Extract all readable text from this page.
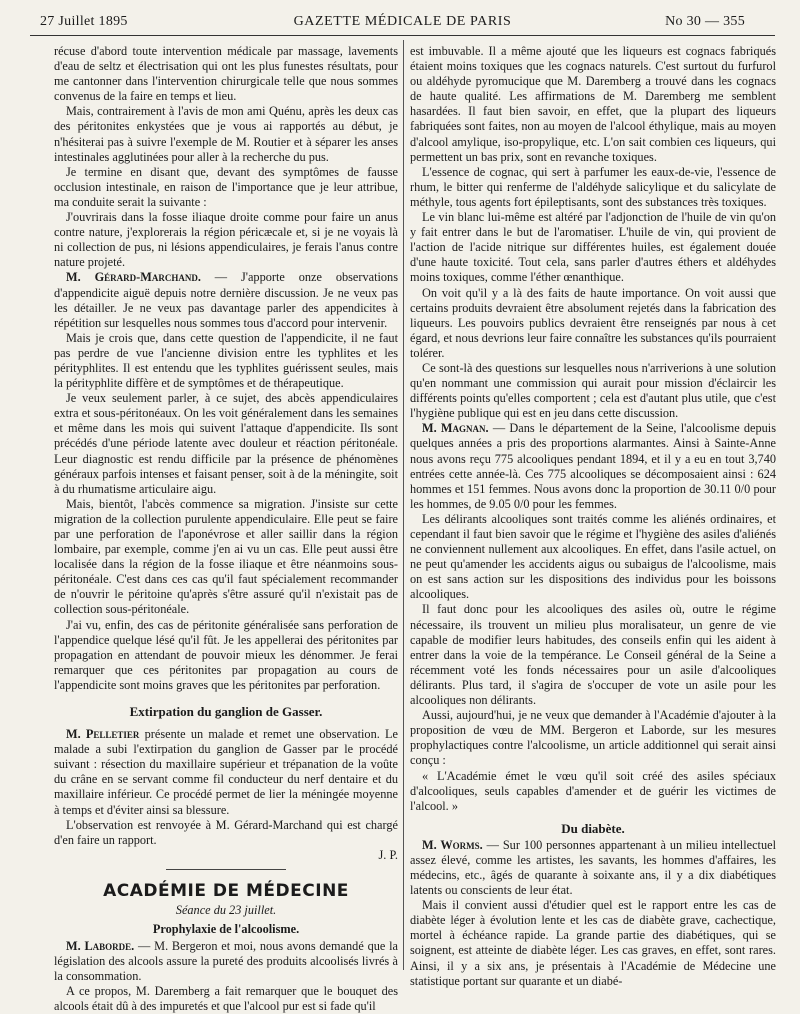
27 Juillet 1895	GAZETTE MÉDICALE DE PARIS	No 30 — 355

récuse d'abord toute intervention médicale par massage, lavements d'eau de seltz et électrisation qui ont les plus funestes résultats, pour me cantonner dans l'intervention chirurgicale telle que nous sommes convenus de la faire en temps et lieu.

Mais, contrairement à l'avis de mon ami Quénu, après les deux cas des péritonites enkystées que je vous ai rapportés au début, je n'hésiterai pas à suivre l'exemple de M. Routier et à séparer les anses intestinales agglutinées pour aller à la recherche du pus.

Je termine en disant que, devant des symptômes de fausse occlusion intestinale, en raison de l'importance que je leur attribue, ma conduite serait la suivante :

J'ouvrirais dans la fosse iliaque droite comme pour faire un anus contre nature, j'explorerais la région péricæcale et, si je ne voyais là ni collection de pus, ni lésions appendiculaires, je ferais l'anus contre nature projeté.

M. Gérard-Marchand. — J'apporte onze observations d'appendicite aiguë depuis notre dernière discussion. Je ne veux pas les détailler. Je ne veux pas davantage parler des appendicites à répétition sur lesquelles nous sommes tous d'accord pour intervenir.

Mais je crois que, dans cette question de l'appendicite, il ne faut pas perdre de vue l'ancienne division entre les typhlites et les pérityphlites. Il est entendu que les typhlites guérissent seules, mais la pérityphlite diffère et de symptômes et de thérapeutique.

Je veux seulement parler, à ce sujet, des abcès appendiculaires extra et sous-péritonéaux. On les voit généralement dans les semaines et même dans les mois qui suivent l'attaque d'appendicite. Ils sont précédés d'une période latente avec douleur et réaction péritonéale. Leur diagnostic est rendu difficile par la présence de phénomènes généraux parfois intenses et faisant penser, soit à de la méningite, soit à du rhumatisme articulaire aigu.

Mais, bientôt, l'abcès commence sa migration. J'insiste sur cette migration de la collection purulente appendiculaire. Elle peut se faire par une perforation de l'aponévrose et aller saillir dans la région lombaire, par exemple, comme j'en ai vu un cas. Elle peut aussi être localisée dans la région de la fosse iliaque et être néanmoins sous-péritonéale. C'est dans ces cas qu'il faut spécialement recommander de n'ouvrir le péritoine qu'après s'être assuré qu'il n'existait pas de collection sous-péritonéale.

J'ai vu, enfin, des cas de péritonite généralisée sans perforation de l'appendice quelque lésé qu'il fût. Je les appellerai des péritonites par propagation en attendant de pouvoir mieux les dénommer. Je ferai remarquer que ces péritonites par propagation au cours de l'appendicite sont moins graves que les péritonites par perforation.

Extirpation du ganglion de Gasser.

M. Pelletier présente un malade et remet une observation. Le malade a subi l'extirpation du ganglion de Gasser par le procédé suivant : résection du maxillaire supérieur et trépanation de la voûte du crâne en se servant comme fil conducteur du nerf dentaire et du maxillaire inférieur. Ce procédé permet de lier la méningée moyenne à temps et d'éviter ainsi sa blessure.

L'observation est renvoyée à M. Gérard-Marchand qui est chargé d'en faire un rapport.

J. P.
ACADÉMIE DE MÉDECINE
Séance du 23 juillet.
Prophylaxie de l'alcoolisme.

M. Laborde. — M. Bergeron et moi, nous avons demandé que la législation des alcools assure la pureté des produits alcoolisés livrés à la consommation.

A ce propos, M. Daremberg a fait remarquer que le bouquet des alcools était dû à des impuretés et que l'alcool pur est si fade qu'il

est imbuvable. Il a même ajouté que les liqueurs est cognacs fabriqués étaient moins toxiques que les cognacs naturels. C'est surtout du furfurol ou aldéhyde pyromucique que M. Daremberg a trouvé dans les cognacs de haute qualité. Les affirmations de M. Daremberg me semblent hasardées. Il faut bien savoir, en effet, que la plupart des liqueurs fabriquées sont faites, non au moyen de l'alcool éthylique, mais au moyen d'alcool amylique, iso-propylique, etc. L'on sait combien ces liqueurs, qui permettent un bas prix, sont en revanche toxiques.

L'essence de cognac, qui sert à parfumer les eaux-de-vie, l'essence de rhum, le bitter qui renferme de l'aldéhyde salicylique et du salicylate de méthyle, tous agents fort épileptisants, sont des substances très toxiques.

Le vin blanc lui-même est altéré par l'adjonction de l'huile de vin qu'on y fait entrer dans le but de l'aromatiser. L'huile de vin, qui provient de l'action de l'acide nitrique sur différentes huiles, est également douée d'une haute toxicité. Tout cela, sans parler d'autres éthers et aldéhydes moins toxiques, comme l'éther œnanthique.

On voit qu'il y a là des faits de haute importance. On voit aussi que certains produits devraient être absolument rejetés dans la fabrication des liqueurs. Les pouvoirs publics devraient être renseignés par nous à cet égard, et nous devrions leur faire connaître les substances qu'ils pourraient tolérer.

Ce sont-là des questions sur lesquelles nous n'arriverions à une solution qu'en nommant une commission qui aurait pour mission d'éclaircir les différents points qu'elles comportent ; cela est d'autant plus utile, que c'est l'hygiène publique qui est en jeu dans cette discussion.

M. Magnan. — Dans le département de la Seine, l'alcoolisme depuis quelques années a pris des proportions alarmantes. Ainsi à Sainte-Anne nous avons reçu 775 alcooliques pendant 1894, et il y a eu en tout 3,740 entrées cette année-là. Ces 775 alcooliques se décomposaient ainsi : 624 hommes et 151 femmes. Nous avons donc la proportion de 30.11 0/0 pour les hommes, de 9.05 0/0 pour les femmes.

Les délirants alcooliques sont traités comme les aliénés ordinaires, et cependant il faut bien savoir que le régime et l'hygiène des asiles d'aliénés ne conviennent nullement aux alcooliques. En effet, dans l'asile actuel, on ne peut qu'amender les accidents aigus ou subaigus de l'alcoolisme, mais on est sans action sur les dispositions des individus pour les boissons alcooliques.

Il faut donc pour les alcooliques des asiles où, outre le régime nécessaire, ils trouvent un milieu plus moralisateur, un genre de vie capable de modifier leurs habitudes, des conseils enfin qui les aident à entrer dans la voie de la tempérance. Le Conseil général de la Seine a récemment voté les fonds nécessaires pour un asile d'alcooliques délirants. Plus tard, il s'agira de s'occuper de vote un asile pour les alcooliques non délirants.

Aussi, aujourd'hui, je ne veux que demander à l'Académie d'ajouter à la proposition de vœu de MM. Bergeron et Laborde, sur les mesures prophylactiques contre l'alcoolisme, un article additionnel qui serait ainsi conçu :

« L'Académie émet le vœu qu'il soit créé des asiles spéciaux d'alcooliques, seuls capables d'amender et de guérir les victimes de l'alcool. »

Du diabète.

M. Worms. — Sur 100 personnes appartenant à un milieu intellectuel assez élevé, comme les artistes, les savants, les hommes d'affaires, les médecins, etc., âgés de quarante à soixante ans, il y a dix diabétiques latents ou conscients de leur état.

Mais il convient aussi d'étudier quel est le rapport entre les cas de diabète léger à évolution lente et les cas de diabète grave, cachectique, mortel à échéance rapide. La grande partie des diabétiques, qui se soignent, est atteinte de diabète léger. Les cas graves, en effet, sont rares. Ainsi, il y a six ans, je présentais à l'Académie de Médecine une statistique portant sur quarante et un diabé-
